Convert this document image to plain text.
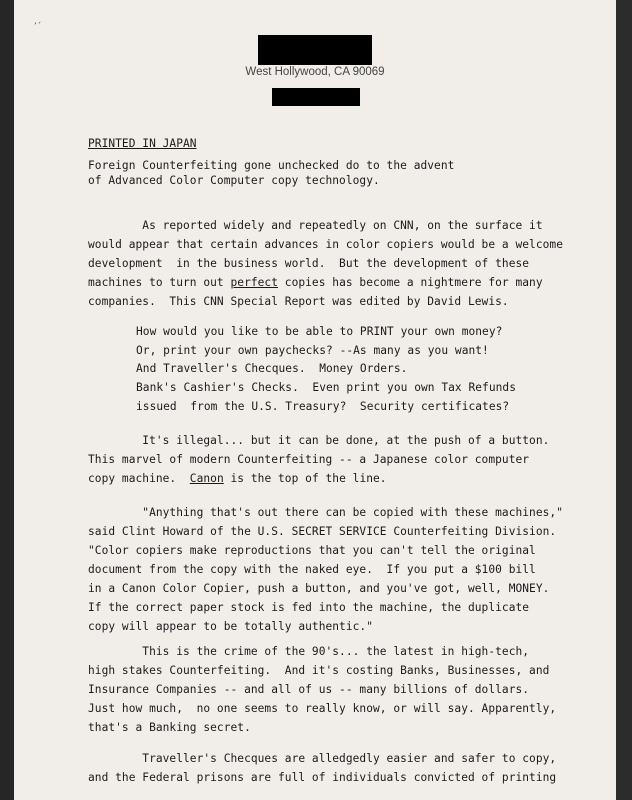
’´
West Hollywood, CA 90069
PRINTED IN JAPAN
Foreign Counterfeiting gone unchecked do to the advent
of Advanced Color Computer copy technology.
As reported widely and repeatedly on CNN, on the surface it
would appear that certain advances in color copiers would be a welcome
development  in the business world.  But the development of these
machines to turn out perfect copies has become a nightmere for many
companies.  This CNN Special Report was edited by David Lewis.
How would you like to be able to PRINT your own money?
Or, print your own paychecks? --As many as you want!
And Traveller's Checques.  Money Orders.
Bank's Cashier's Checks.  Even print you own Tax Refunds
issued  from the U.S. Treasury?  Security certificates?
It's illegal... but it can be done, at the push of a button.
This marvel of modern Counterfeiting -- a Japanese color computer
copy machine.  Canon is the top of the line.
"Anything that's out there can be copied with these machines,"
said Clint Howard of the U.S. SECRET SERVICE Counterfeiting Division.
"Color copiers make reproductions that you can't tell the original
document from the copy with the naked eye.  If you put a $100 bill
in a Canon Color Copier, push a button, and you've got, well, MONEY.
If the correct paper stock is fed into the machine, the duplicate
copy will appear to be totally authentic."
This is the crime of the 90's... the latest in high-tech,
high stakes Counterfeiting.  And it's costing Banks, Businesses, and
Insurance Companies -- and all of us -- many billions of dollars.
Just how much,  no one seems to really know, or will say. Apparently,
that's a Banking secret.
Traveller's Checques are alledgedly easier and safer to copy,
and the Federal prisons are full of individuals convicted of printing
